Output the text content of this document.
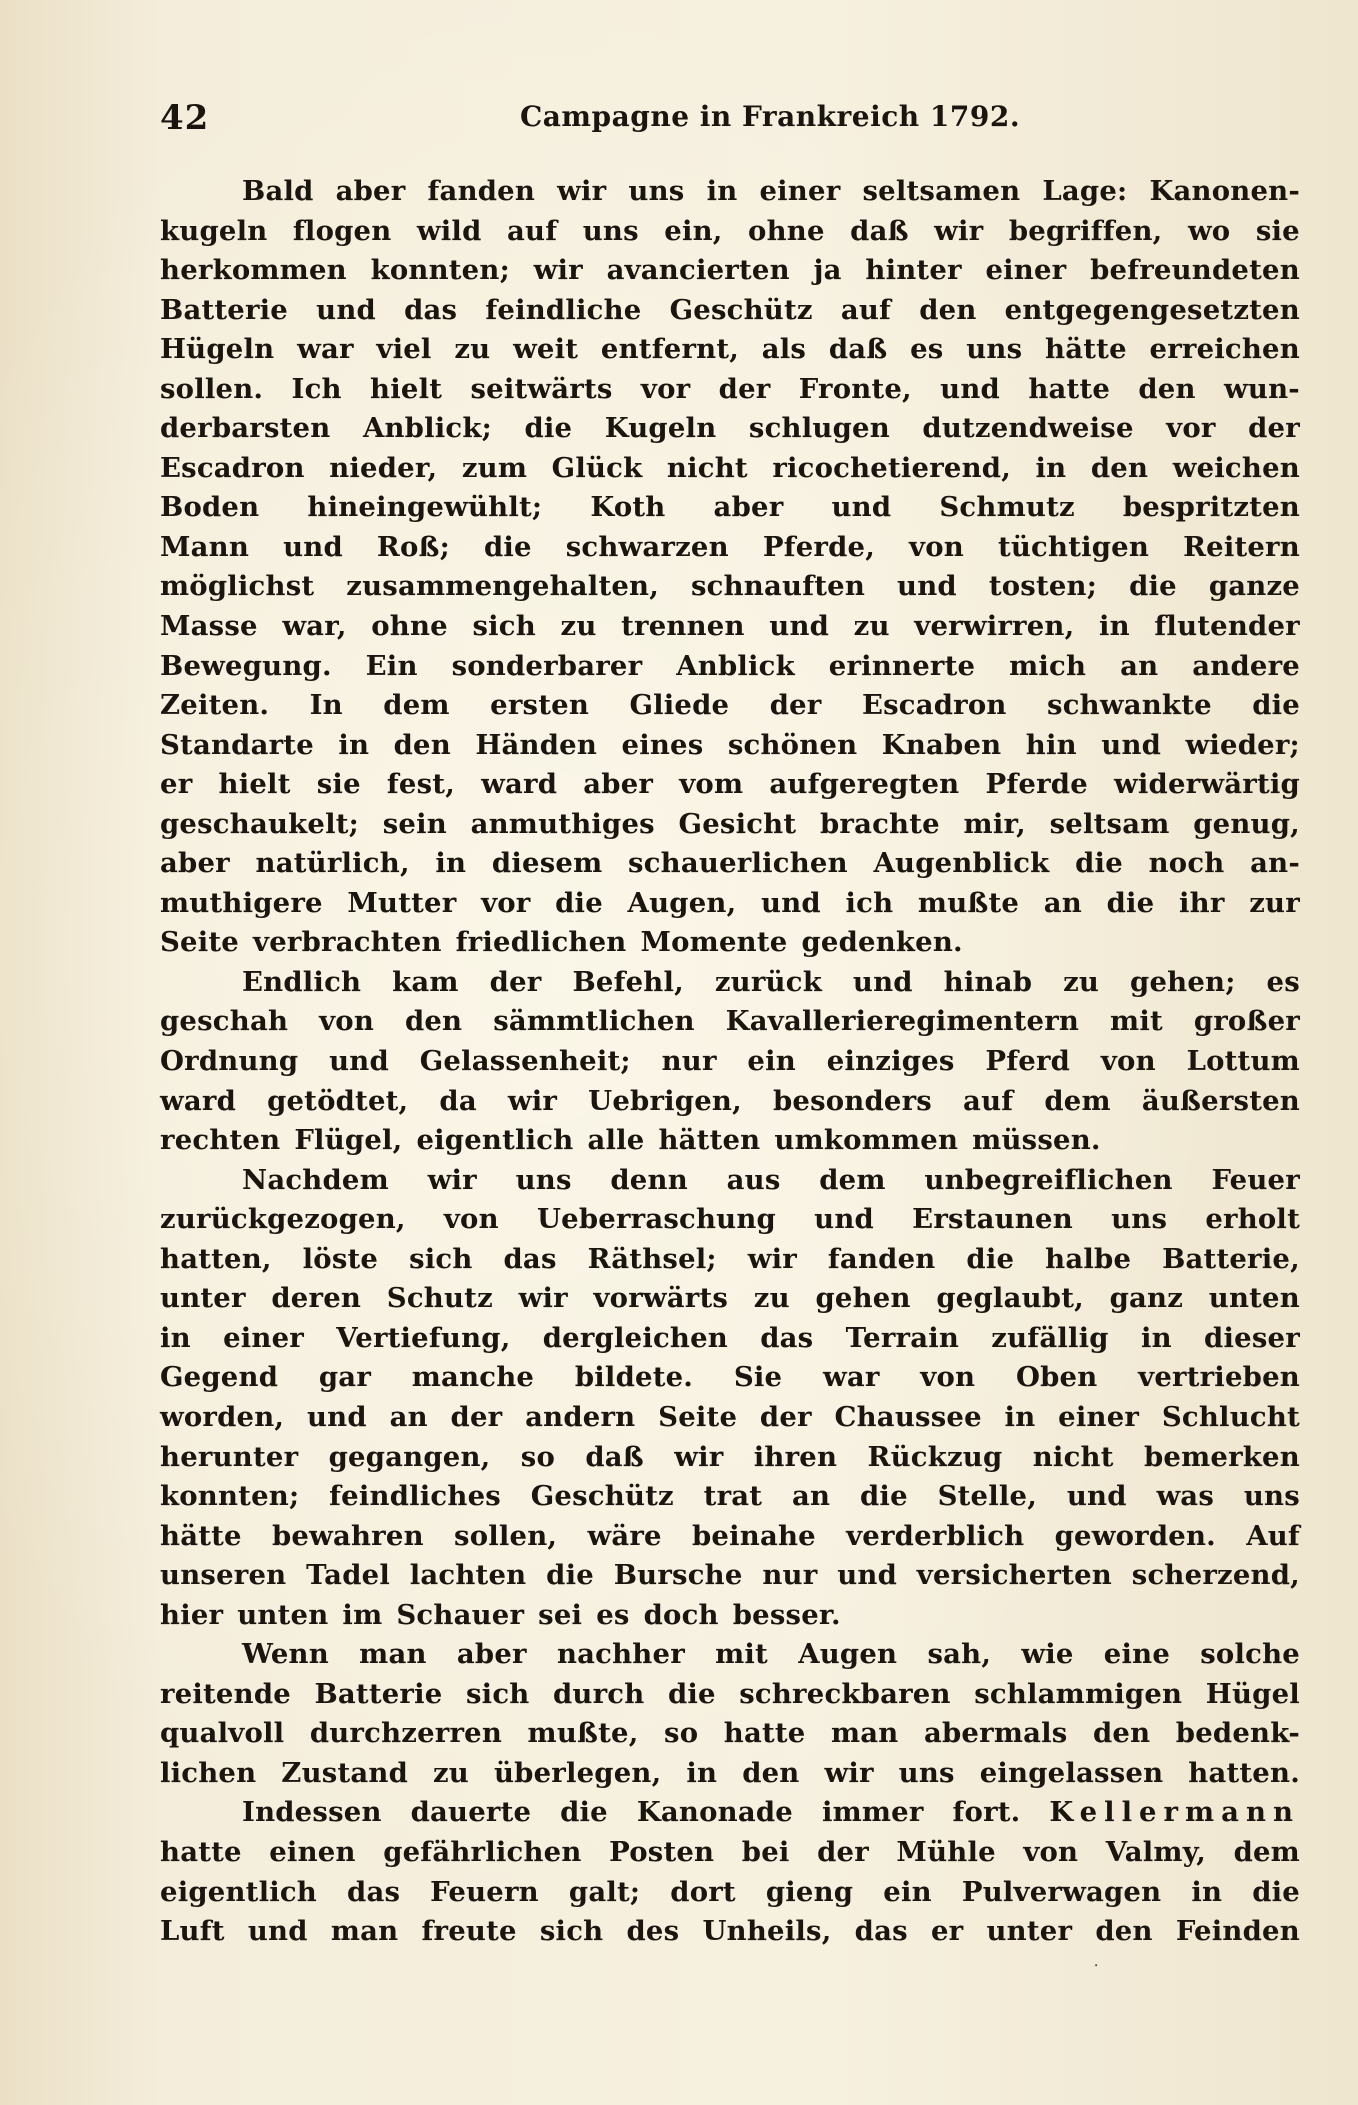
42	Campagne in Frankreich 1792.
Bald aber fanden wir uns in einer seltsamen Lage: Kanonen-
kugeln flogen wild auf uns ein, ohne daß wir begriffen, wo sie
herkommen konnten; wir avancierten ja hinter einer befreundeten
Batterie und das feindliche Geschütz auf den entgegengesetzten
Hügeln war viel zu weit entfernt, als daß es uns hätte erreichen
sollen. Ich hielt seitwärts vor der Fronte, und hatte den wun-
derbarsten Anblick; die Kugeln schlugen dutzendweise vor der
Escadron nieder, zum Glück nicht ricochetierend, in den weichen
Boden hineingewühlt; Koth aber und Schmutz bespritzten
Mann und Roß; die schwarzen Pferde, von tüchtigen Reitern
möglichst zusammengehalten, schnauften und tosten; die ganze
Masse war, ohne sich zu trennen und zu verwirren, in flutender
Bewegung. Ein sonderbarer Anblick erinnerte mich an andere
Zeiten. In dem ersten Gliede der Escadron schwankte die
Standarte in den Händen eines schönen Knaben hin und wieder;
er hielt sie fest, ward aber vom aufgeregten Pferde widerwärtig
geschaukelt; sein anmuthiges Gesicht brachte mir, seltsam genug,
aber natürlich, in diesem schauerlichen Augenblick die noch an-
muthigere Mutter vor die Augen, und ich mußte an die ihr zur
Seite verbrachten friedlichen Momente gedenken.
Endlich kam der Befehl, zurück und hinab zu gehen; es
geschah von den sämmtlichen Kavallerieregimentern mit großer
Ordnung und Gelassenheit; nur ein einziges Pferd von Lottum
ward getödtet, da wir Uebrigen, besonders auf dem äußersten
rechten Flügel, eigentlich alle hätten umkommen müssen.
Nachdem wir uns denn aus dem unbegreiflichen Feuer
zurückgezogen, von Ueberraschung und Erstaunen uns erholt
hatten, löste sich das Räthsel; wir fanden die halbe Batterie,
unter deren Schutz wir vorwärts zu gehen geglaubt, ganz unten
in einer Vertiefung, dergleichen das Terrain zufällig in dieser
Gegend gar manche bildete. Sie war von Oben vertrieben
worden, und an der andern Seite der Chaussee in einer Schlucht
herunter gegangen, so daß wir ihren Rückzug nicht bemerken
konnten; feindliches Geschütz trat an die Stelle, und was uns
hätte bewahren sollen, wäre beinahe verderblich geworden. Auf
unseren Tadel lachten die Bursche nur und versicherten scherzend,
hier unten im Schauer sei es doch besser.
Wenn man aber nachher mit Augen sah, wie eine solche
reitende Batterie sich durch die schreckbaren schlammigen Hügel
qualvoll durchzerren mußte, so hatte man abermals den bedenk-
lichen Zustand zu überlegen, in den wir uns eingelassen hatten.
Indessen dauerte die Kanonade immer fort. Kellermann
hatte einen gefährlichen Posten bei der Mühle von Valmy, dem
eigentlich das Feuern galt; dort gieng ein Pulverwagen in die
Luft und man freute sich des Unheils, das er unter den Feinden
⸱
